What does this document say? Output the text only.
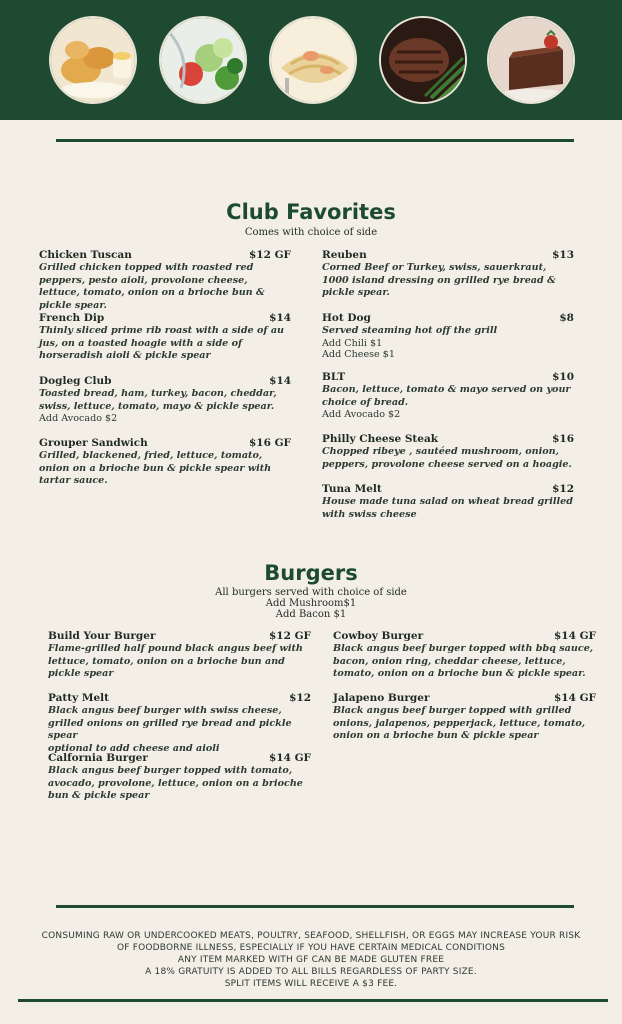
Club Favorites
Comes with choice of side
Chicken Tuscan	$12 GF
Grilled chicken topped with roasted red peppers, pesto aioli, provolone cheese, lettuce, tomato, onion on a brioche bun & pickle spear.
French Dip	$14
Thinly sliced prime rib roast with a side of au jus, on a toasted hoagie with a side of horseradish aioli & pickle spear
Dogleg Club	$14
Toasted bread, ham, turkey, bacon, cheddar, swiss, lettuce, tomato, mayo & pickle spear.
Add Avocado $2
Grouper Sandwich	$16 GF
Grilled, blackened, fried, lettuce, tomato, onion on a brioche bun & pickle spear with tartar sauce.
Reuben	$13
Corned Beef or Turkey, swiss, sauerkraut, 1000 island dressing on grilled rye bread & pickle spear.
Hot Dog	$8
Served steaming hot off the grill
Add Chili $1
Add Cheese $1
BLT	$10
Bacon, lettuce, tomato & mayo served on your choice of bread.
Add Avocado $2
Philly Cheese Steak	$16
Chopped ribeye , sautéed mushroom, onion, peppers, provolone cheese served on a hoagie.
Tuna Melt	$12
House made tuna salad on wheat bread grilled with swiss cheese
Burgers
All burgers served with choice of side
Add Mushroom$1
Add Bacon $1
Build Your Burger	$12 GF
Flame-grilled half pound black angus beef with lettuce, tomato, onion on a brioche bun and pickle spear
Patty Melt	$12
Black angus beef burger with swiss cheese, grilled onions on grilled rye bread and pickle spear
optional to add cheese and aioli
Calfornia Burger	$14 GF
Black angus beef burger topped with tomato, avocado, provolone, lettuce, onion on a brioche bun & pickle spear
Cowboy Burger	$14 GF
Black angus beef burger topped with bbq sauce, bacon, onion ring, cheddar cheese, lettuce, tomato, onion on a brioche bun & pickle spear.
Jalapeno Burger	$14 GF
Black angus beef burger topped with grilled onions, jalapenos, pepperjack, lettuce, tomato, onion on a brioche bun & pickle spear
CONSUMING RAW OR UNDERCOOKED MEATS, POULTRY, SEAFOOD, SHELLFISH, OR EGGS MAY INCREASE YOUR RISK
OF FOODBORNE ILLNESS, ESPECIALLY IF YOU HAVE CERTAIN MEDICAL CONDITIONS
ANY ITEM MARKED WITH GF CAN BE MADE GLUTEN FREE
A 18% GRATUITY IS ADDED TO ALL BILLS REGARDLESS OF PARTY SIZE.
SPLIT ITEMS WILL RECEIVE A $3 FEE.
